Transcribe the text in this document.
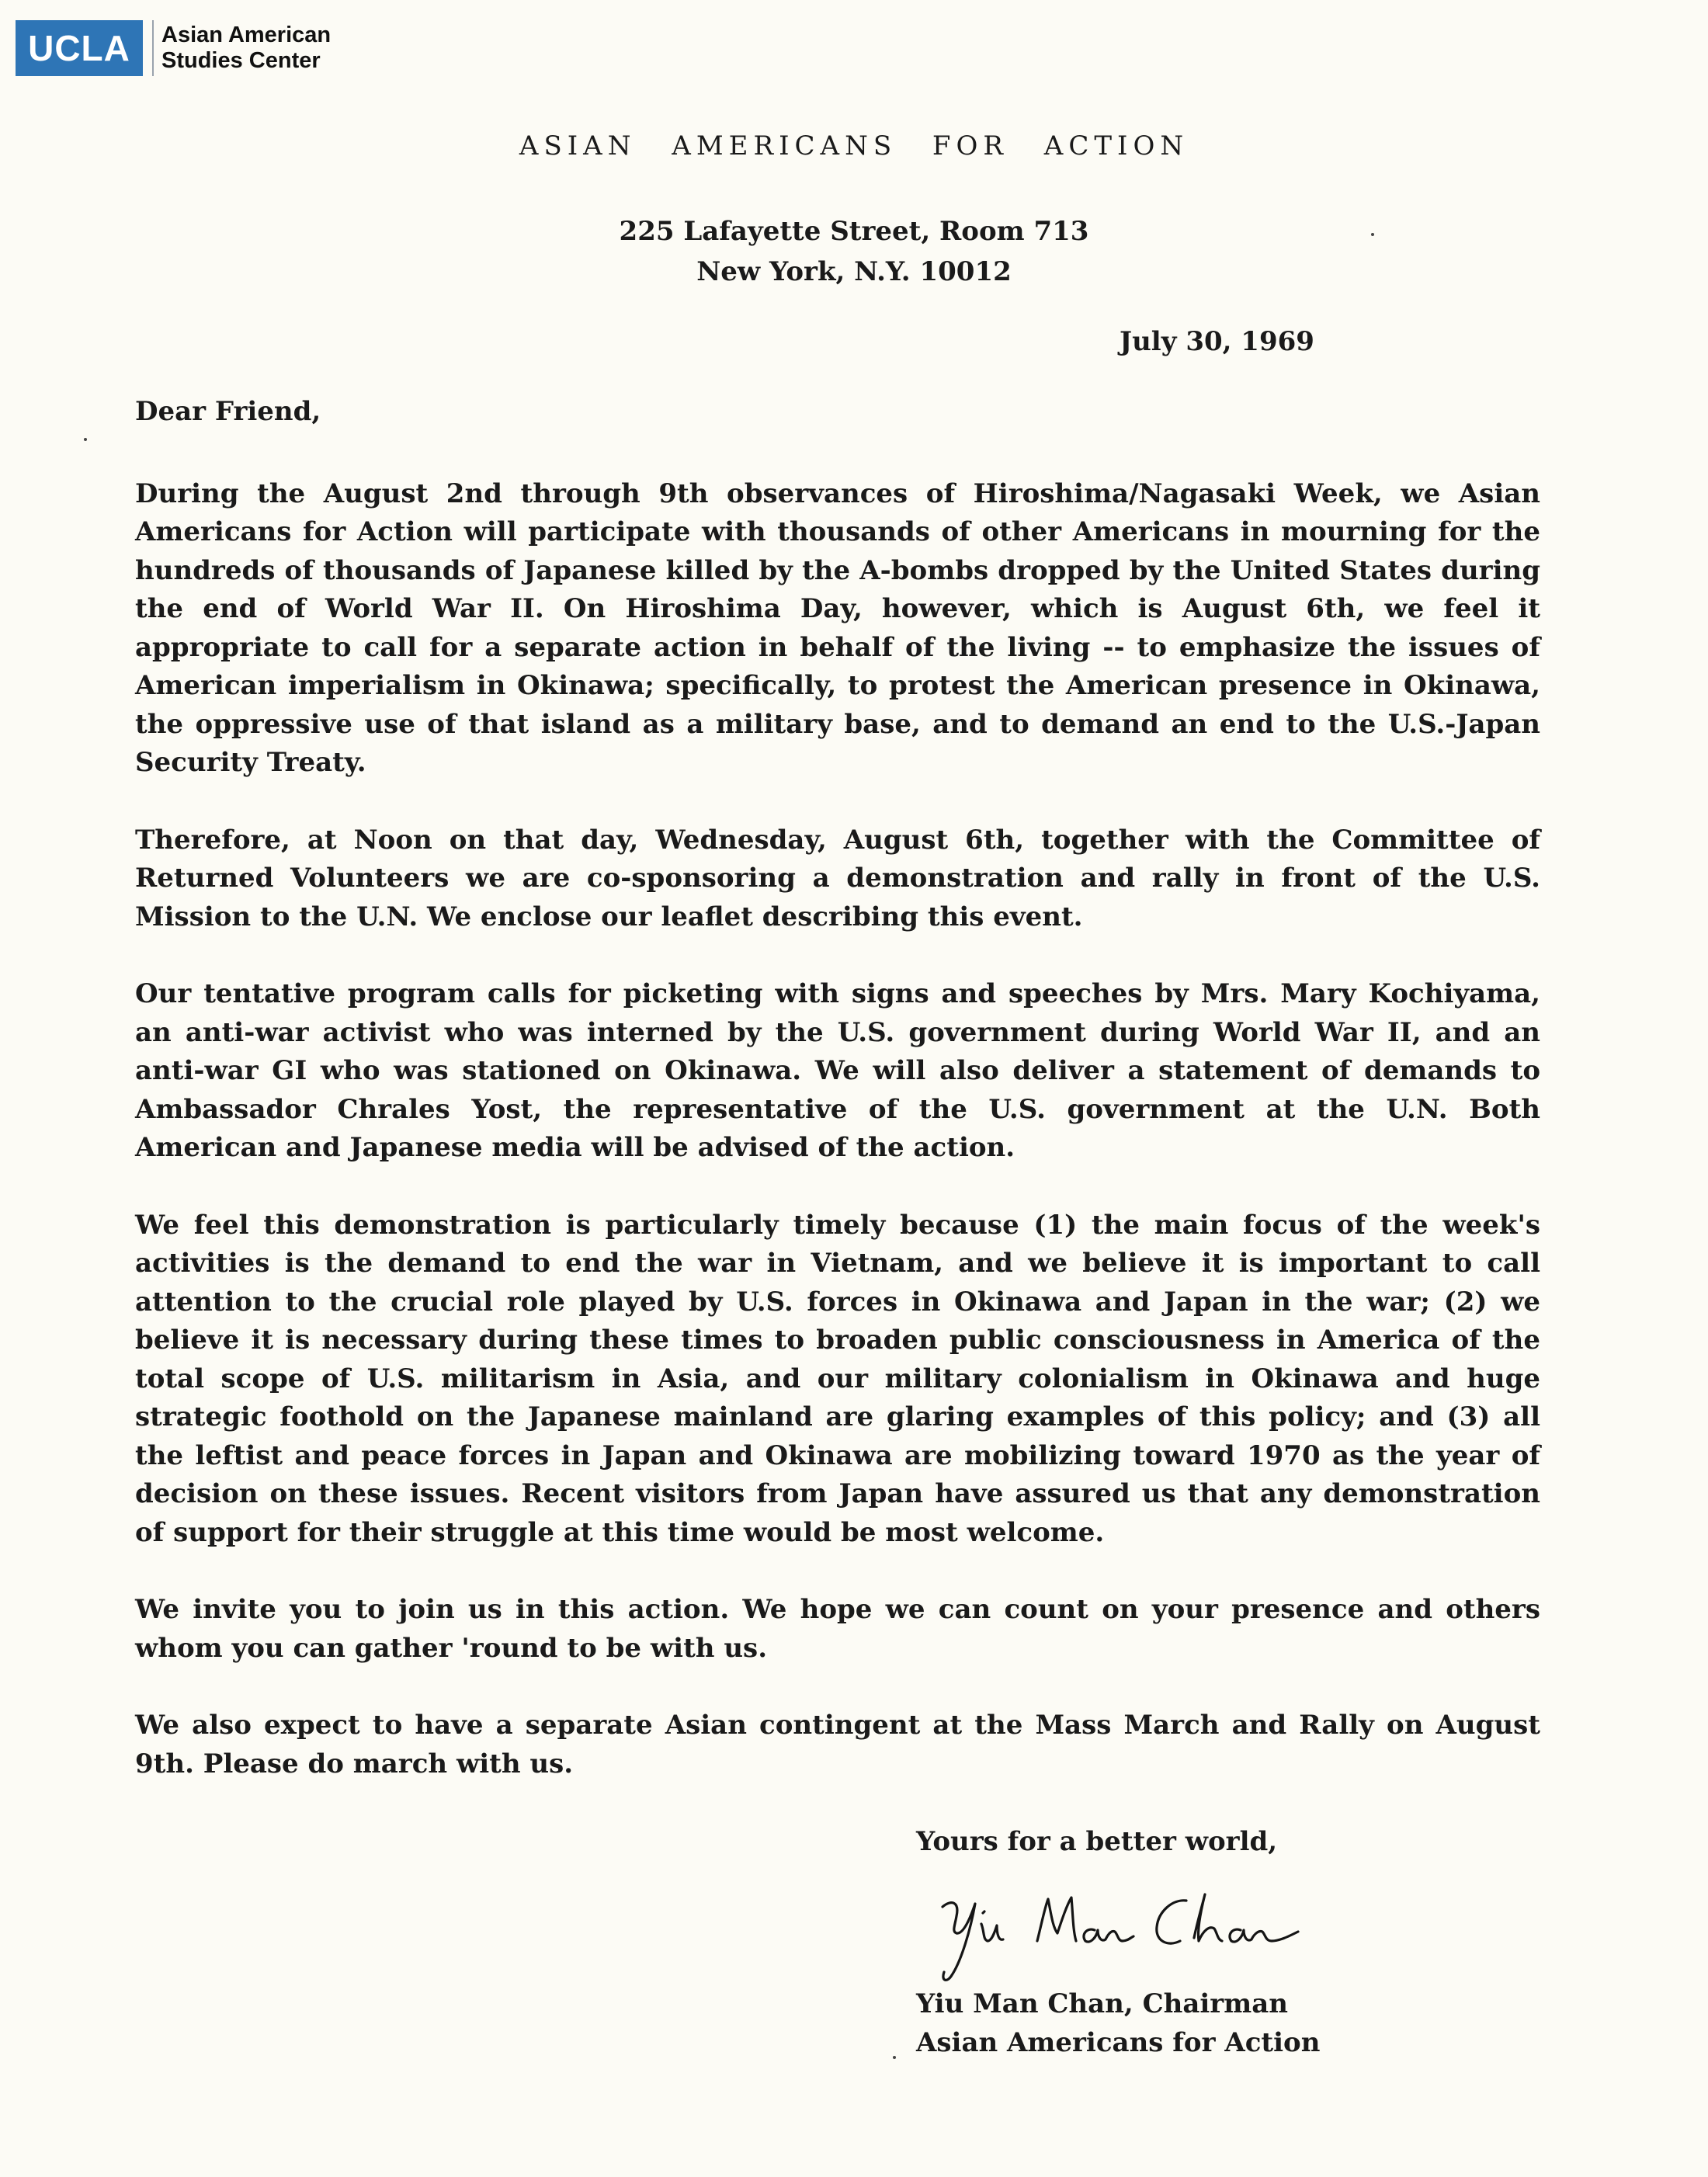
UCLA	Asian American
Studies Center
ASIAN AMERICANS FOR ACTION
225 Lafayette Street, Room 713
New York, N.Y. 10012
July 30, 1969

Dear Friend,

During the August 2nd through 9th observances of Hiroshima/Nagasaki Week, we Asian Americans for Action will participate with thousands of other Americans in mourning for the hundreds of thousands of Japanese killed by the A-bombs dropped by the United States during the end of World War II. On Hiroshima Day, however, which is August 6th, we feel it appropriate to call for a separate action in behalf of the living -- to emphasize the issues of American imperialism in Okinawa; specifically, to protest the American presence in Okinawa, the oppressive use of that island as a military base, and to demand an end to the U.S.-Japan Security Treaty.

Therefore, at Noon on that day, Wednesday, August 6th, together with the Committee of Returned Volunteers we are co-sponsoring a demonstration and rally in front of the U.S. Mission to the U.N. We enclose our leaflet describing this event.

Our tentative program calls for picketing with signs and speeches by Mrs. Mary Kochiyama, an anti-war activist who was interned by the U.S. government during World War II, and an anti-war GI who was stationed on Okinawa. We will also deliver a statement of demands to Ambassador Chrales Yost, the representative of the U.S. government at the U.N. Both American and Japanese media will be advised of the action.

We feel this demonstration is particularly timely because (1) the main focus of the week's activities is the demand to end the war in Vietnam, and we believe it is important to call attention to the crucial role played by U.S. forces in Okinawa and Japan in the war; (2) we believe it is necessary during these times to broaden public consciousness in America of the total scope of U.S. militarism in Asia, and our military colonialism in Okinawa and huge strategic foothold on the Japanese mainland are glaring examples of this policy; and (3) all the leftist and peace forces in Japan and Okinawa are mobilizing toward 1970 as the year of decision on these issues. Recent visitors from Japan have assured us that any demonstration of support for their struggle at this time would be most welcome.

We invite you to join us in this action. We hope we can count on your presence and others whom you can gather 'round to be with us.

We also expect to have a separate Asian contingent at the Mass March and Rally on August 9th. Please do march with us.

Yours for a better world,
Yiu Man Chan, Chairman
Asian Americans for Action
